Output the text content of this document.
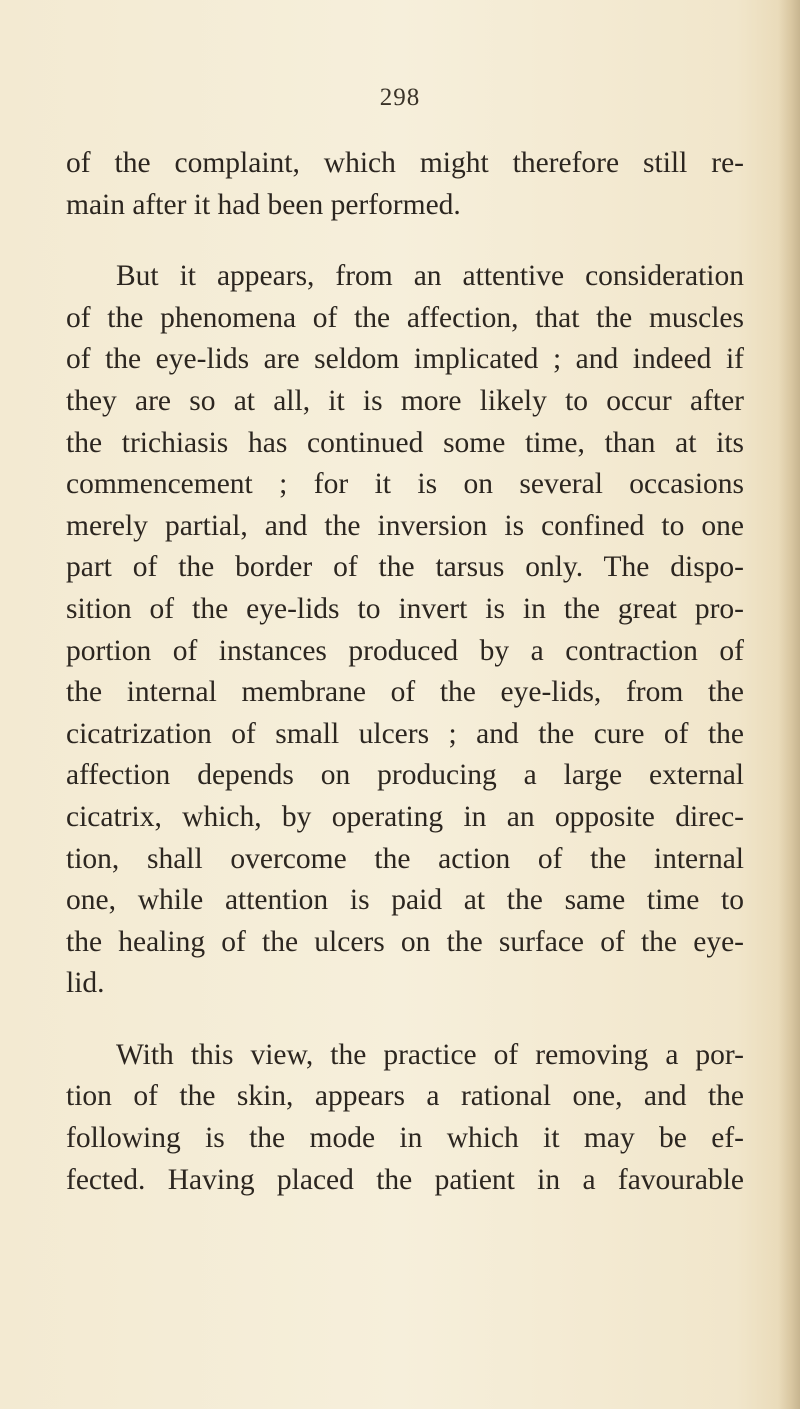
298
of the complaint, which might therefore still re-
main after it had been performed.
But it appears, from an attentive consideration
of the phenomena of the affection, that the muscles
of the eye-lids are seldom implicated ; and indeed if
they are so at all, it is more likely to occur after
the trichiasis has continued some time, than at its
commencement ; for it is on several occasions
merely partial, and the inversion is confined to one
part of the border of the tarsus only. The dispo-
sition of the eye-lids to invert is in the great pro-
portion of instances produced by a contraction of
the internal membrane of the eye-lids, from the
cicatrization of small ulcers ; and the cure of the
affection depends on producing a large external
cicatrix, which, by operating in an opposite direc-
tion, shall overcome the action of the internal
one, while attention is paid at the same time to
the healing of the ulcers on the surface of the eye-
lid.
With this view, the practice of removing a por-
tion of the skin, appears a rational one, and the
following is the mode in which it may be ef-
fected. Having placed the patient in a favourable
